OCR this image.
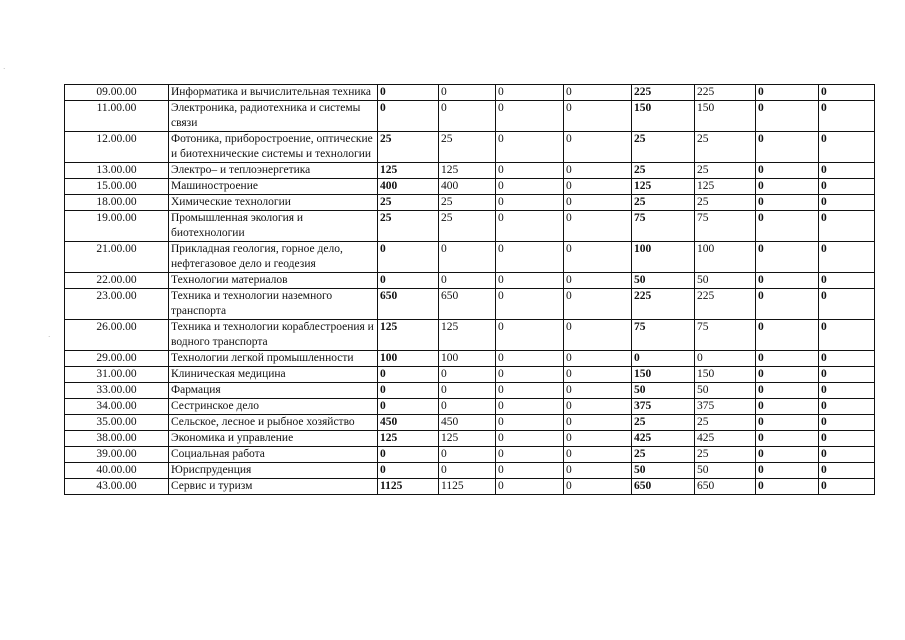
·
·
09.00.00	Информатика и вычислительная техника	0	0	0	0	225	225	0	0
11.00.00	Электроника, радиотехника и системы связи	0	0	0	0	150	150	0	0
12.00.00	Фотоника, приборостроение, оптические и биотехнические системы и технологии	25	25	0	0	25	25	0	0
13.00.00	Электро– и теплоэнергетика	125	125	0	0	25	25	0	0
15.00.00	Машиностроение	400	400	0	0	125	125	0	0
18.00.00	Химические технологии	25	25	0	0	25	25	0	0
19.00.00	Промышленная экология и биотехнологии	25	25	0	0	75	75	0	0
21.00.00	Прикладная геология, горное дело, нефтегазовое дело и геодезия	0	0	0	0	100	100	0	0
22.00.00	Технологии материалов	0	0	0	0	50	50	0	0
23.00.00	Техника и технологии наземного транспорта	650	650	0	0	225	225	0	0
26.00.00	Техника и технологии кораблестроения и водного транспорта	125	125	0	0	75	75	0	0
29.00.00	Технологии легкой промышленности	100	100	0	0	0	0	0	0
31.00.00	Клиническая медицина	0	0	0	0	150	150	0	0
33.00.00	Фармация	0	0	0	0	50	50	0	0
34.00.00	Сестринское дело	0	0	0	0	375	375	0	0
35.00.00	Сельское, лесное и рыбное хозяйство	450	450	0	0	25	25	0	0
38.00.00	Экономика и управление	125	125	0	0	425	425	0	0
39.00.00	Социальная работа	0	0	0	0	25	25	0	0
40.00.00	Юриспруденция	0	0	0	0	50	50	0	0
43.00.00	Сервис и туризм	1125	1125	0	0	650	650	0	0
